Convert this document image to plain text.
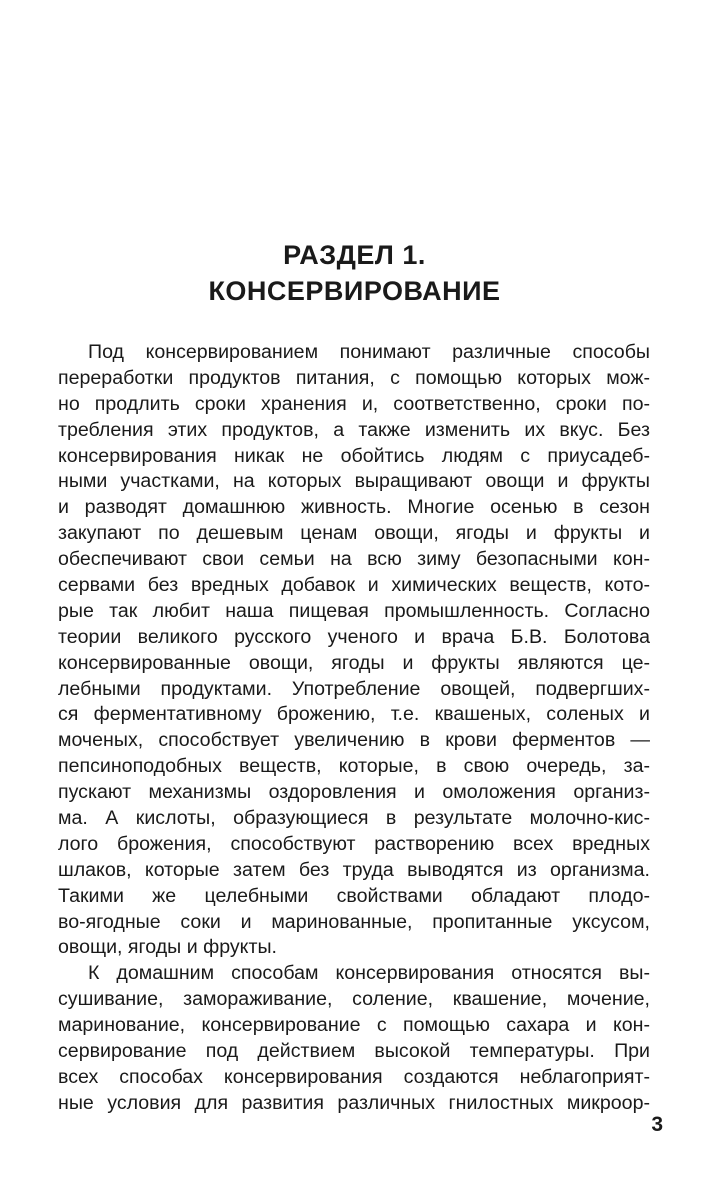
РАЗДЕЛ 1.
КОНСЕРВИРОВАНИЕ
Под консервированием понимают различные способы
переработки продуктов питания, с помощью которых мож-
но продлить сроки хранения и, соответственно, сроки по-
требления этих продуктов, а также изменить их вкус. Без
консервирования никак не обойтись людям с приусадеб-
ными участками, на которых выращивают овощи и фрукты
и разводят домашнюю живность. Многие осенью в сезон
закупают по дешевым ценам овощи, ягоды и фрукты и
обеспечивают свои семьи на всю зиму безопасными кон-
сервами без вредных добавок и химических веществ, кото-
рые так любит наша пищевая промышленность. Согласно
теории великого русского ученого и врача Б.В. Болотова
консервированные овощи, ягоды и фрукты являются це-
лебными продуктами. Употребление овощей, подвергших-
ся ферментативному брожению, т.е. квашеных, соленых и
моченых, способствует увеличению в крови ферментов —
пепсиноподобных веществ, которые, в свою очередь, за-
пускают механизмы оздоровления и омоложения организ-
ма. А кислоты, образующиеся в результате молочно-кис-
лого брожения, способствуют растворению всех вредных
шлаков, которые затем без труда выводятся из организма.
Такими же целебными свойствами обладают плодо-
во-ягодные соки и маринованные, пропитанные уксусом,
овощи, ягоды и фрукты.
К домашним способам консервирования относятся вы-
сушивание, замораживание, соление, квашение, мочение,
маринование, консервирование с помощью сахара и кон-
сервирование под действием высокой температуры. При
всех способах консервирования создаются неблагоприят-
ные условия для развития различных гнилостных микроор-
3
